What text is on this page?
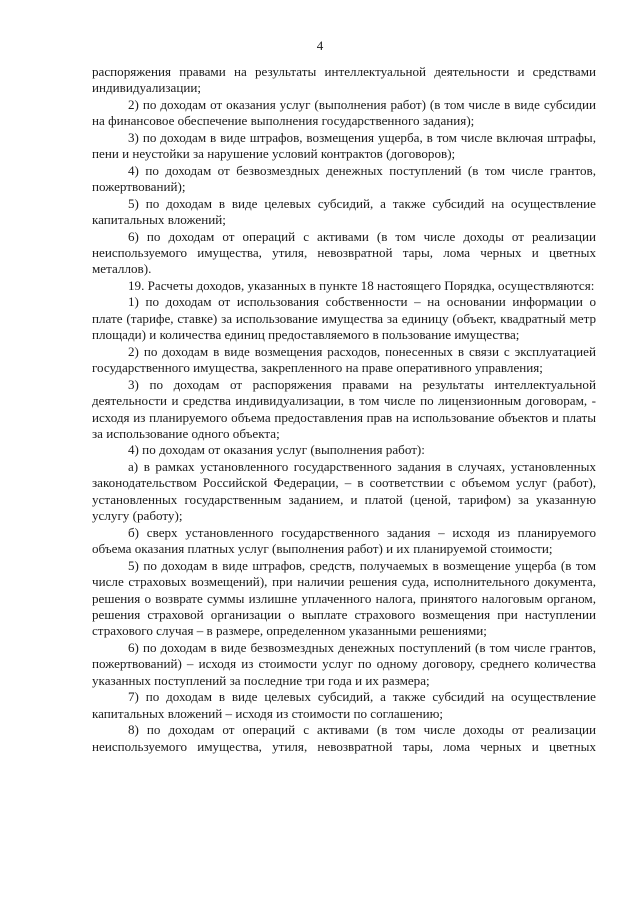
4

распоряжения правами на результаты интеллектуальной деятельности и средствами индивидуализации;

2) по доходам от оказания услуг (выполнения работ) (в том числе в виде субсидии на финансовое обеспечение выполнения государственного задания);

3) по доходам в виде штрафов, возмещения ущерба, в том числе включая штрафы, пени и неустойки за нарушение условий контрактов (договоров);

4) по доходам от безвозмездных денежных поступлений (в том числе грантов, пожертвований);

5) по доходам в виде целевых субсидий, а также субсидий на осуществление капитальных вложений;

6) по доходам от операций с активами (в том числе доходы от реализации неиспользуемого имущества, утиля, невозвратной тары, лома черных и цветных металлов).

19. Расчеты доходов, указанных в пункте 18 настоящего Порядка, осуществляются:

1) по доходам от использования собственности – на основании информации о плате (тарифе, ставке) за использование имущества за единицу (объект, квадратный метр площади) и количества единиц предоставляемого в пользование имущества;

2) по доходам в виде возмещения расходов, понесенных в связи с эксплуатацией государственного имущества, закрепленного на праве оперативного управления;

3) по доходам от распоряжения правами на результаты интеллектуальной деятельности и средства индивидуализации, в том числе по лицензионным договорам, - исходя из планируемого объема предоставления прав на использование объектов и платы за использование одного объекта;

4) по доходам от оказания услуг (выполнения работ):

а) в рамках установленного государственного задания в случаях, установленных законодательством Российской Федерации, – в соответствии с объемом услуг (работ), установленных государственным заданием, и платой (ценой, тарифом) за указанную услугу (работу);

б) сверх установленного государственного задания – исходя из планируемого объема оказания платных услуг (выполнения работ) и их планируемой стоимости;

5) по доходам в виде штрафов, средств, получаемых в возмещение ущерба (в том числе страховых возмещений), при наличии решения суда, исполнительного документа, решения о возврате суммы излишне уплаченного налога, принятого налоговым органом, решения страховой организации о выплате страхового возмещения при наступлении страхового случая – в размере, определенном указанными решениями;

6) по доходам в виде безвозмездных денежных поступлений (в том числе грантов, пожертвований) – исходя из стоимости услуг по одному договору, среднего количества указанных поступлений за последние три года и их размера;

7) по доходам в виде целевых субсидий, а также субсидий на осуществление капитальных вложений – исходя из стоимости по соглашению;

8) по доходам от операций с активами (в том числе доходы от реализации неиспользуемого имущества, утиля, невозвратной тары, лома черных и цветных
